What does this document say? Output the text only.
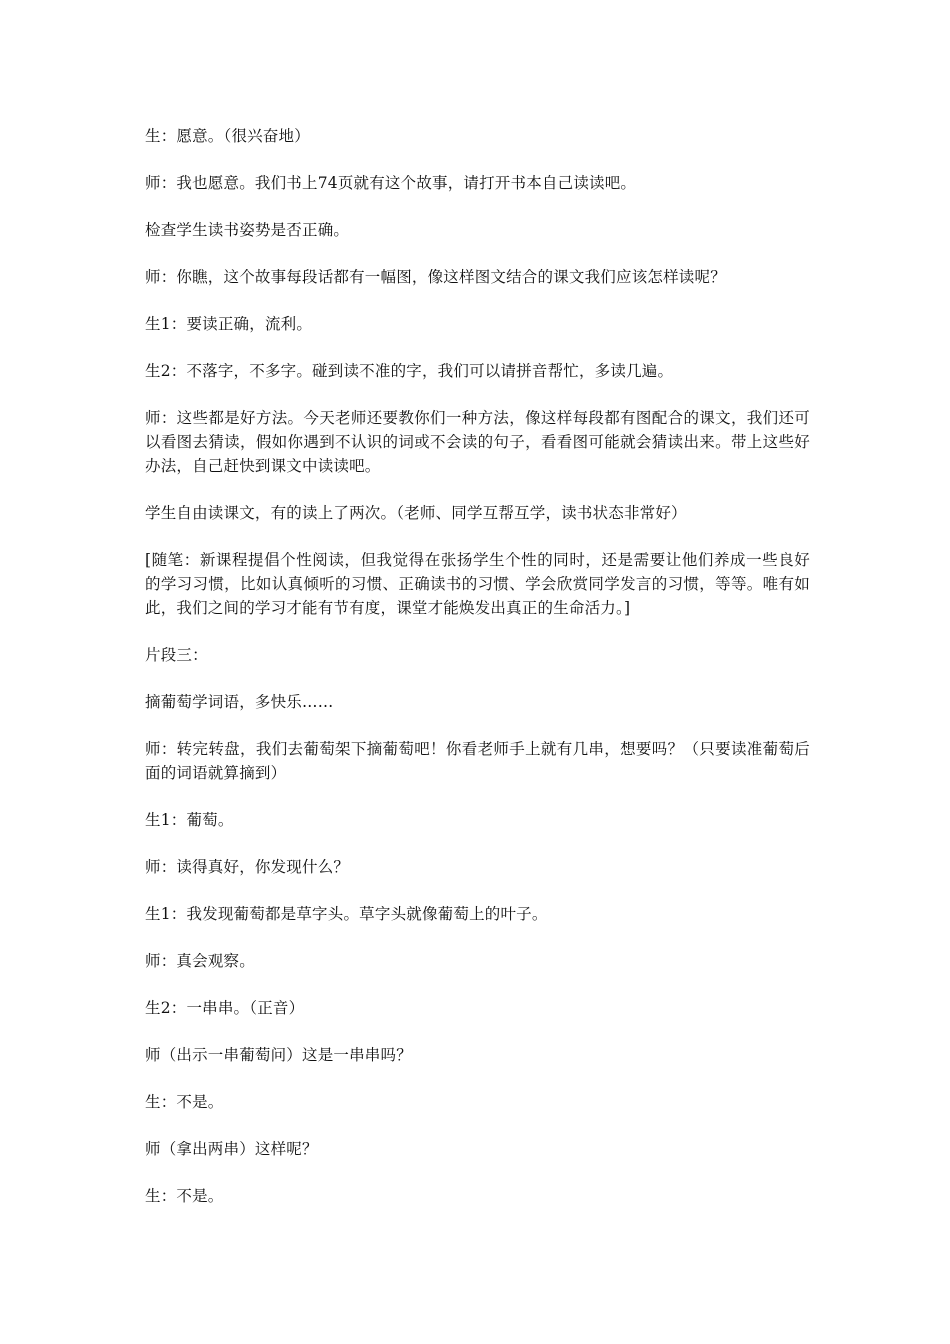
生：愿意。（很兴奋地）

师：我也愿意。我们书上74页就有这个故事，请打开书本自己读读吧。

检查学生读书姿势是否正确。

师：你瞧，这个故事每段话都有一幅图，像这样图文结合的课文我们应该怎样读呢？

生1：要读正确，流利。

生2：不落字，不多字。碰到读不准的字，我们可以请拼音帮忙，多读几遍。

师：这些都是好方法。今天老师还要教你们一种方法，像这样每段都有图配合的课文，我们还可以看图去猜读，假如你遇到不认识的词或不会读的句子，看看图可能就会猜读出来。带上这些好办法，自己赶快到课文中读读吧。

学生自由读课文，有的读上了两次。（老师、同学互帮互学，读书状态非常好）

[随笔：新课程提倡个性阅读，但我觉得在张扬学生个性的同时，还是需要让他们养成一些良好的学习习惯，比如认真倾听的习惯、正确读书的习惯、学会欣赏同学发言的习惯，等等。唯有如此，我们之间的学习才能有节有度，课堂才能焕发出真正的生命活力。]

片段三：

摘葡萄学词语，多快乐……

师：转完转盘，我们去葡萄架下摘葡萄吧！你看老师手上就有几串，想要吗？（只要读准葡萄后面的词语就算摘到）

生1：葡萄。

师：读得真好，你发现什么？

生1：我发现葡萄都是草字头。草字头就像葡萄上的叶子。

师：真会观察。

生2：一串串。（正音）

师（出示一串葡萄问）这是一串串吗？

生：不是。

师（拿出两串）这样呢？

生：不是。
